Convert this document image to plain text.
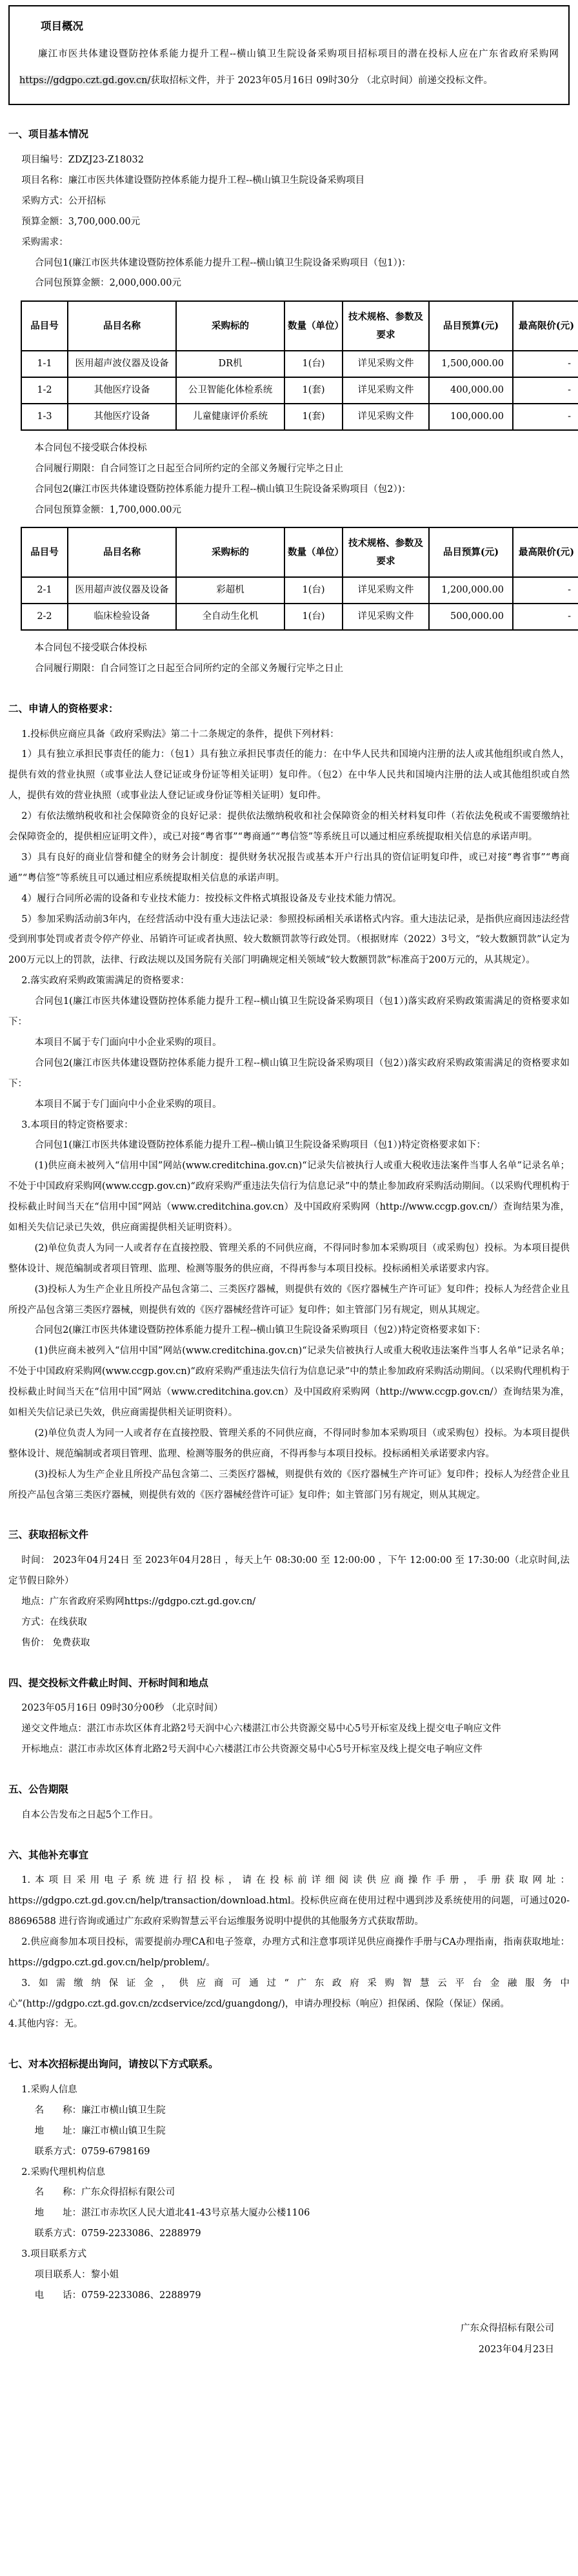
项目概况

廉江市医共体建设暨防控体系能力提升工程--横山镇卫生院设备采购项目招标项目的潜在投标人应在广东省政府采购网https://gdgpo.czt.gd.gov.cn/获取招标文件，并于 2023年05月16日 09时30分 （北京时间）前递交投标文件。

一、项目基本情况

项目编号：ZDZJ23-Z18032

项目名称：廉江市医共体建设暨防控体系能力提升工程--横山镇卫生院设备采购项目

采购方式：公开招标

预算金额：3,700,000.00元

采购需求：

合同包1(廉江市医共体建设暨防控体系能力提升工程--横山镇卫生院设备采购项目（包1）)：

合同包预算金额：2,000,000.00元

品目号	品目名称	采购标的	数量（单位）	技术规格、参数及要求	品目预算(元)	最高限价(元)
1-1	医用超声波仪器及设备	DR机	1(台)	详见采购文件	1,500,000.00	-
1-2	其他医疗设备	公卫智能化体检系统	1(套)	详见采购文件	400,000.00	-
1-3	其他医疗设备	儿童健康评价系统	1(套)	详见采购文件	100,000.00	-

本合同包不接受联合体投标

合同履行期限：自合同签订之日起至合同所约定的全部义务履行完毕之日止

合同包2(廉江市医共体建设暨防控体系能力提升工程--横山镇卫生院设备采购项目（包2）)：

合同包预算金额：1,700,000.00元

品目号	品目名称	采购标的	数量（单位）	技术规格、参数及要求	品目预算(元)	最高限价(元)
2-1	医用超声波仪器及设备	彩超机	1(台)	详见采购文件	1,200,000.00	-
2-2	临床检验设备	全自动生化机	1(台)	详见采购文件	500,000.00	-

本合同包不接受联合体投标

合同履行期限：自合同签订之日起至合同所约定的全部义务履行完毕之日止

二、申请人的资格要求：

1.投标供应商应具备《政府采购法》第二十二条规定的条件，提供下列材料：

1）具有独立承担民事责任的能力：（包1）具有独立承担民事责任的能力：在中华人民共和国境内注册的法人或其他组织或自然人，提供有效的营业执照（或事业法人登记证或身份证等相关证明）复印件。（包2）在中华人民共和国境内注册的法人或其他组织或自然人，提供有效的营业执照（或事业法人登记证或身份证等相关证明）复印件。

2）有依法缴纳税收和社会保障资金的良好记录：提供依法缴纳税收和社会保障资金的相关材料复印件（若依法免税或不需要缴纳社会保障资金的，提供相应证明文件），或已对接“粤省事”“粤商通”“粤信签”等系统且可以通过相应系统提取相关信息的承诺声明。

3）具有良好的商业信誉和健全的财务会计制度：提供财务状况报告或基本开户行出具的资信证明复印件，或已对接“粤省事”“粤商通”“粤信签”等系统且可以通过相应系统提取相关信息的承诺声明。

4）履行合同所必需的设备和专业技术能力：按投标文件格式填报设备及专业技术能力情况。

5）参加采购活动前3年内，在经营活动中没有重大违法记录：参照投标函相关承诺格式内容。重大违法记录，是指供应商因违法经营受到刑事处罚或者责令停产停业、吊销许可证或者执照、较大数额罚款等行政处罚。（根据财库（2022）3号文，“较大数额罚款”认定为200万元以上的罚款，法律、行政法规以及国务院有关部门明确规定相关领域“较大数额罚款”标准高于200万元的，从其规定）。

2.落实政府采购政策需满足的资格要求：

合同包1(廉江市医共体建设暨防控体系能力提升工程--横山镇卫生院设备采购项目（包1）)落实政府采购政策需满足的资格要求如下：

本项目不属于专门面向中小企业采购的项目。

合同包2(廉江市医共体建设暨防控体系能力提升工程--横山镇卫生院设备采购项目（包2）)落实政府采购政策需满足的资格要求如下：

本项目不属于专门面向中小企业采购的项目。

3.本项目的特定资格要求：

合同包1(廉江市医共体建设暨防控体系能力提升工程--横山镇卫生院设备采购项目（包1）)特定资格要求如下：

(1)供应商未被列入“信用中国”网站(www.creditchina.gov.cn)“记录失信被执行人或重大税收违法案件当事人名单”记录名单；不处于中国政府采购网(www.ccgp.gov.cn)“政府采购严重违法失信行为信息记录”中的禁止参加政府采购活动期间。（以采购代理机构于投标截止时间当天在“信用中国”网站（www.creditchina.gov.cn）及中国政府采购网（http://www.ccgp.gov.cn/）查询结果为准，如相关失信记录已失效，供应商需提供相关证明资料）。

(2)单位负责人为同一人或者存在直接控股、管理关系的不同供应商，不得同时参加本采购项目（或采购包）投标。为本项目提供整体设计、规范编制或者项目管理、监理、检测等服务的供应商，不得再参与本项目投标。投标函相关承诺要求内容。

(3)投标人为生产企业且所投产品包含第二、三类医疗器械，则提供有效的《医疗器械生产许可证》复印件；投标人为经营企业且所投产品包含第三类医疗器械，则提供有效的《医疗器械经营许可证》复印件；如主管部门另有规定，则从其规定。

合同包2(廉江市医共体建设暨防控体系能力提升工程--横山镇卫生院设备采购项目（包2）)特定资格要求如下：

(1)供应商未被列入“信用中国”网站(www.creditchina.gov.cn)“记录失信被执行人或重大税收违法案件当事人名单”记录名单；不处于中国政府采购网(www.ccgp.gov.cn)“政府采购严重违法失信行为信息记录”中的禁止参加政府采购活动期间。（以采购代理机构于投标截止时间当天在“信用中国”网站（www.creditchina.gov.cn）及中国政府采购网（http://www.ccgp.gov.cn/）查询结果为准，如相关失信记录已失效，供应商需提供相关证明资料）。

(2)单位负责人为同一人或者存在直接控股、管理关系的不同供应商，不得同时参加本采购项目（或采购包）投标。为本项目提供整体设计、规范编制或者项目管理、监理、检测等服务的供应商，不得再参与本项目投标。投标函相关承诺要求内容。

(3)投标人为生产企业且所投产品包含第二、三类医疗器械，则提供有效的《医疗器械生产许可证》复印件；投标人为经营企业且所投产品包含第三类医疗器械，则提供有效的《医疗器械经营许可证》复印件；如主管部门另有规定，则从其规定。

三、获取招标文件

时间： 2023年04月24日 至 2023年04月28日 ，每天上午 08:30:00 至 12:00:00 ，下午 12:00:00 至 17:30:00（北京时间,法定节假日除外）

地点：广东省政府采购网https://gdgpo.czt.gd.gov.cn/

方式：在线获取

售价： 免费获取

四、提交投标文件截止时间、开标时间和地点

2023年05月16日 09时30分00秒 （北京时间）

递交文件地点：湛江市赤坎区体育北路2号天润中心六楼湛江市公共资源交易中心5号开标室及线上提交电子响应文件

开标地点：湛江市赤坎区体育北路2号天润中心六楼湛江市公共资源交易中心5号开标室及线上提交电子响应文件

五、公告期限

自本公告发布之日起5个工作日。

六、其他补充事宜

1.本项目采用电子系统进行招投标，请在投标前详细阅读供应商操作手册，手册获取网址：https://gdgpo.czt.gd.gov.cn/help/transaction/download.html。投标供应商在使用过程中遇到涉及系统使用的问题，可通过020-88696588 进行咨询或通过广东政府采购智慧云平台运维服务说明中提供的其他服务方式获取帮助。

2.供应商参加本项目投标，需要提前办理CA和电子签章，办理方式和注意事项详见供应商操作手册与CA办理指南，指南获取地址：https://gdgpo.czt.gd.gov.cn/help/problem/。

3.如需缴纳保证金，供应商可通过“广东政府采购智慧云平台金融服务中心”(http://gdgpo.czt.gd.gov.cn/zcdservice/zcd/guangdong/)，申请办理投标（响应）担保函、保险（保证）保函。

4.其他内容：无。

七、对本次招标提出询问，请按以下方式联系。

1.采购人信息

名　　称：廉江市横山镇卫生院

地　　址：廉江市横山镇卫生院

联系方式：0759-6798169

2.采购代理机构信息

名　　称：广东众得招标有限公司

地　　址：湛江市赤坎区人民大道北41-43号京基大厦办公楼1106

联系方式：0759-2233086、2288979

3.项目联系方式

项目联系人：黎小姐

电　　话：0759-2233086、2288979

广东众得招标有限公司

2023年04月23日
